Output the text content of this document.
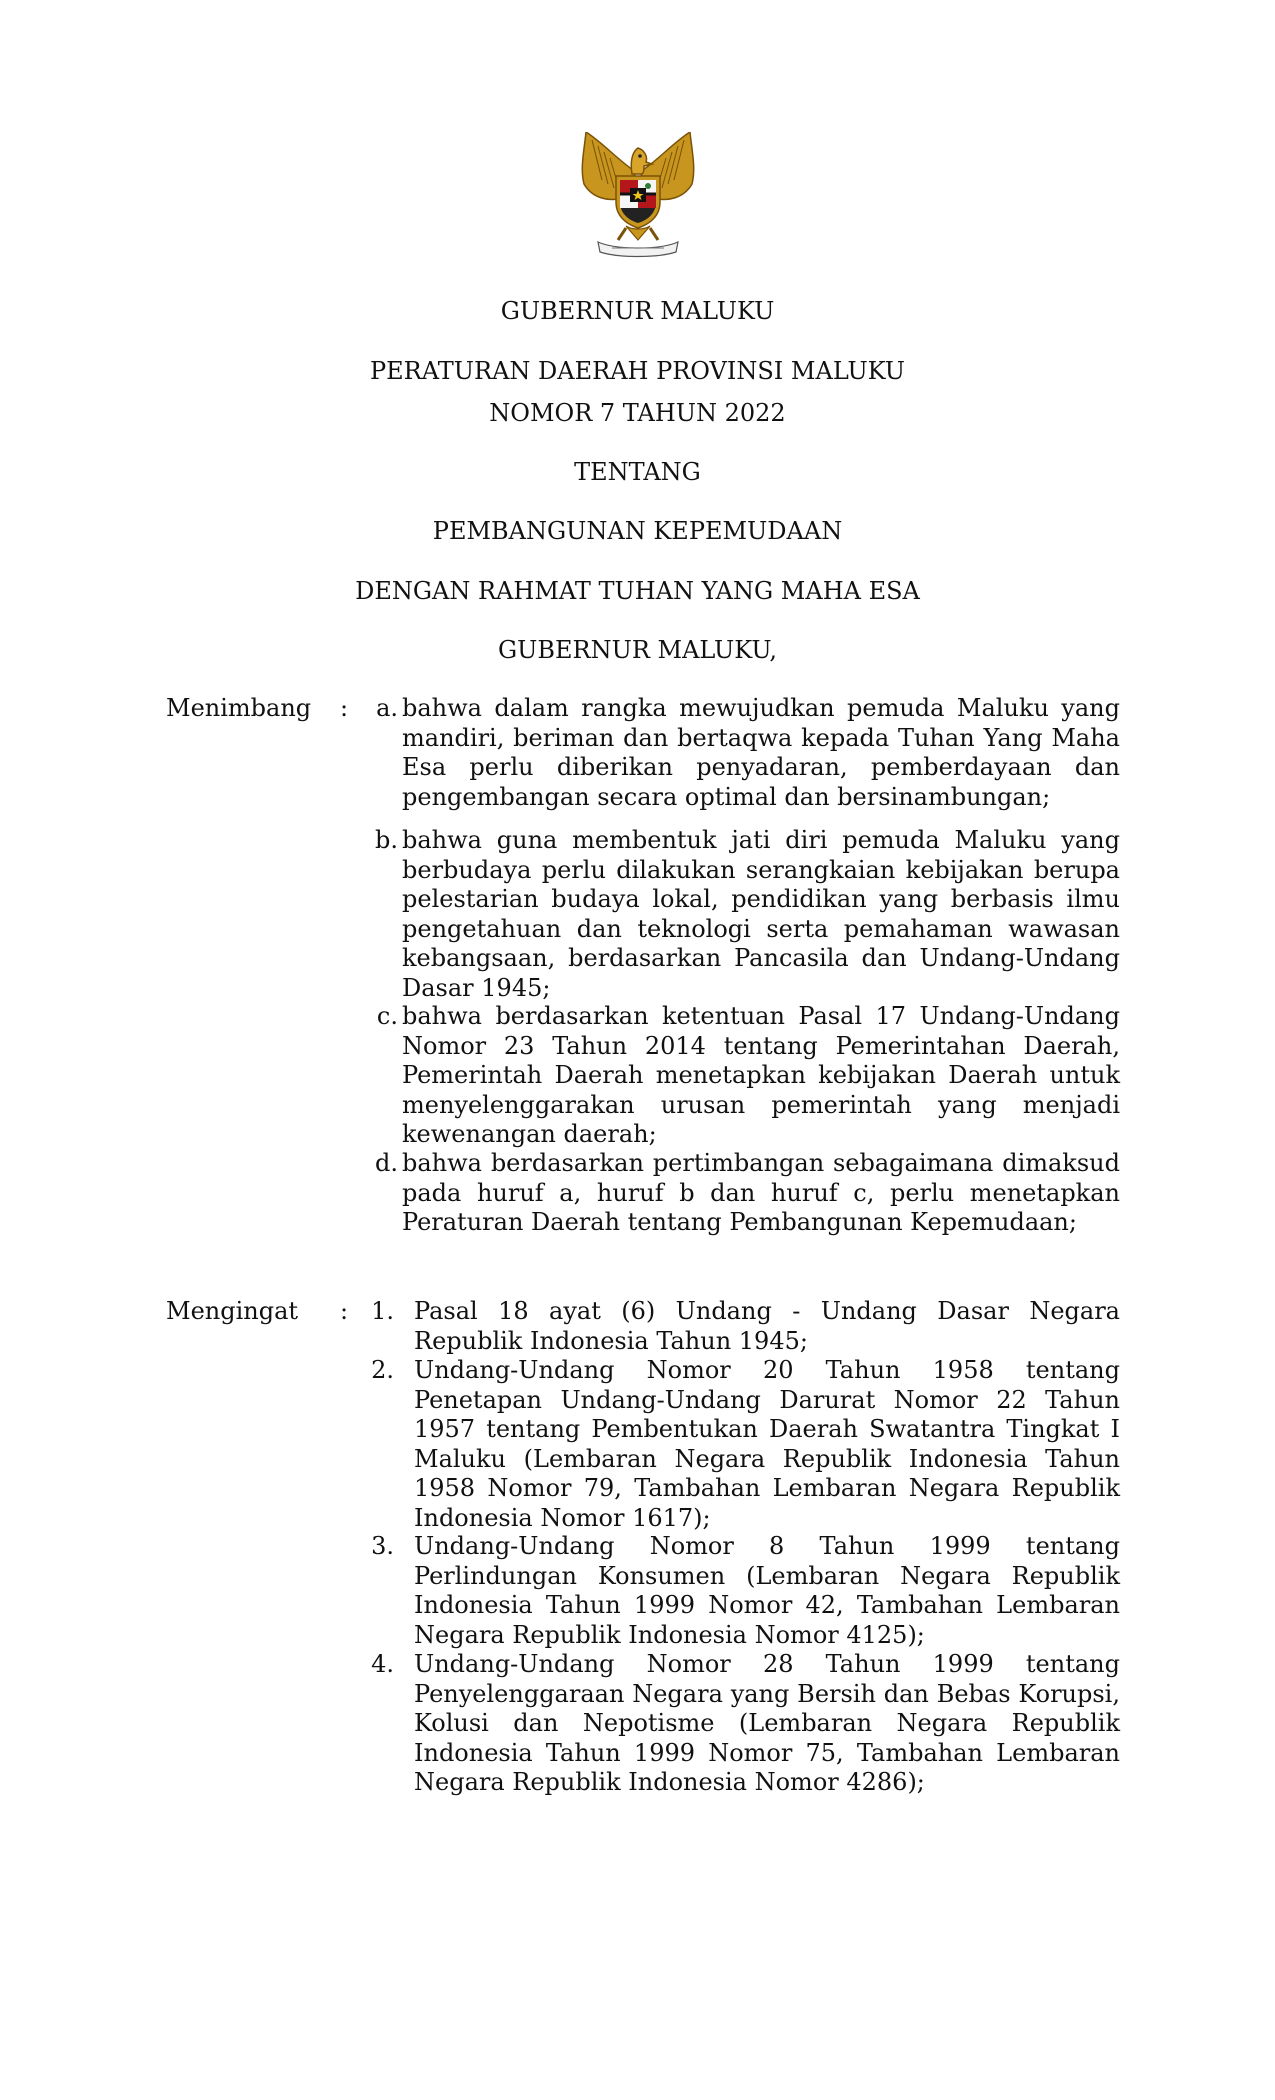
GUBERNUR MALUKU
PERATURAN DAERAH PROVINSI MALUKU
NOMOR 7 TAHUN 2022
TENTANG
PEMBANGUNAN KEPEMUDAAN
DENGAN RAHMAT TUHAN YANG MAHA ESA
GUBERNUR MALUKU,
Menimbang :	a. bahwa dalam rangka mewujudkan pemuda Maluku yang mandiri, beriman dan bertaqwa kepada Tuhan Yang Maha Esa perlu diberikan penyadaran, pemberdayaan dan pengembangan secara optimal dan bersinambungan;
b. bahwa guna membentuk jati diri pemuda Maluku yang berbudaya perlu dilakukan serangkaian kebijakan berupa pelestarian budaya lokal, pendidikan yang berbasis ilmu pengetahuan dan teknologi serta pemahaman wawasan kebangsaan, berdasarkan Pancasila dan Undang-Undang Dasar 1945;
c. bahwa berdasarkan ketentuan Pasal 17 Undang-Undang Nomor 23 Tahun 2014 tentang Pemerintahan Daerah, Pemerintah Daerah menetapkan kebijakan Daerah untuk menyelenggarakan urusan pemerintah yang menjadi kewenangan daerah;
d. bahwa berdasarkan pertimbangan sebagaimana dimaksud pada huruf a, huruf b dan huruf c, perlu menetapkan Peraturan Daerah tentang Pembangunan Kepemudaan;
Mengingat : 1. Pasal 18 ayat (6) Undang - Undang Dasar Negara Republik Indonesia Tahun 1945;
2. Undang-Undang Nomor 20 Tahun 1958 tentang Penetapan Undang-Undang Darurat Nomor 22 Tahun 1957 tentang Pembentukan Daerah Swatantra Tingkat I Maluku (Lembaran Negara Republik Indonesia Tahun 1958 Nomor 79, Tambahan Lembaran Negara Republik Indonesia Nomor 1617);
3. Undang-Undang Nomor 8 Tahun 1999 tentang Perlindungan Konsumen (Lembaran Negara Republik Indonesia Tahun 1999 Nomor 42, Tambahan Lembaran Negara Republik Indonesia Nomor 4125);
4. Undang-Undang Nomor 28 Tahun 1999 tentang Penyelenggaraan Negara yang Bersih dan Bebas Korupsi, Kolusi dan Nepotisme (Lembaran Negara Republik Indonesia Tahun 1999 Nomor 75, Tambahan Lembaran Negara Republik Indonesia Nomor 4286);
